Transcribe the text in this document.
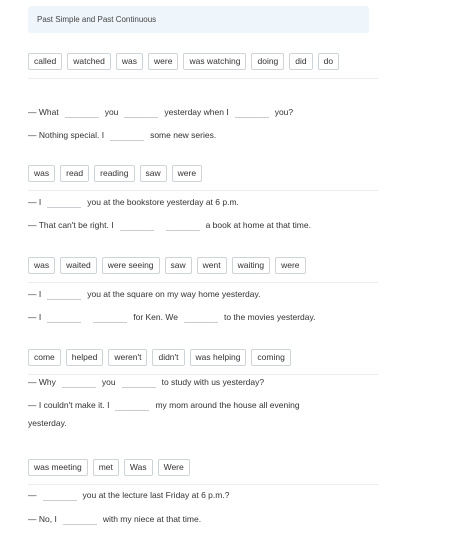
Past Simple and Past Continuous
called	watched	was	were	was watching	doing	did	do
— What	you	yesterday when I	you?
— Nothing special. I	some new series.
was	read	reading	saw	were
— I	you at the bookstore yesterday at 6 p.m.
— That can't be right. I	a book at home at that time.
was	waited	were seeing	saw	went	waiting	were
— I	you at the square on my way home yesterday.
— I	for Ken. We	to the movies yesterday.
come	helped	weren't	didn't	was helping	coming
— Why	you	to study with us yesterday?
— I couldn't make it. I	my mom around the house all evening
yesterday.
was meeting	met	Was	Were
—	you at the lecture last Friday at 6 p.m.?
— No, I	with my niece at that time.
